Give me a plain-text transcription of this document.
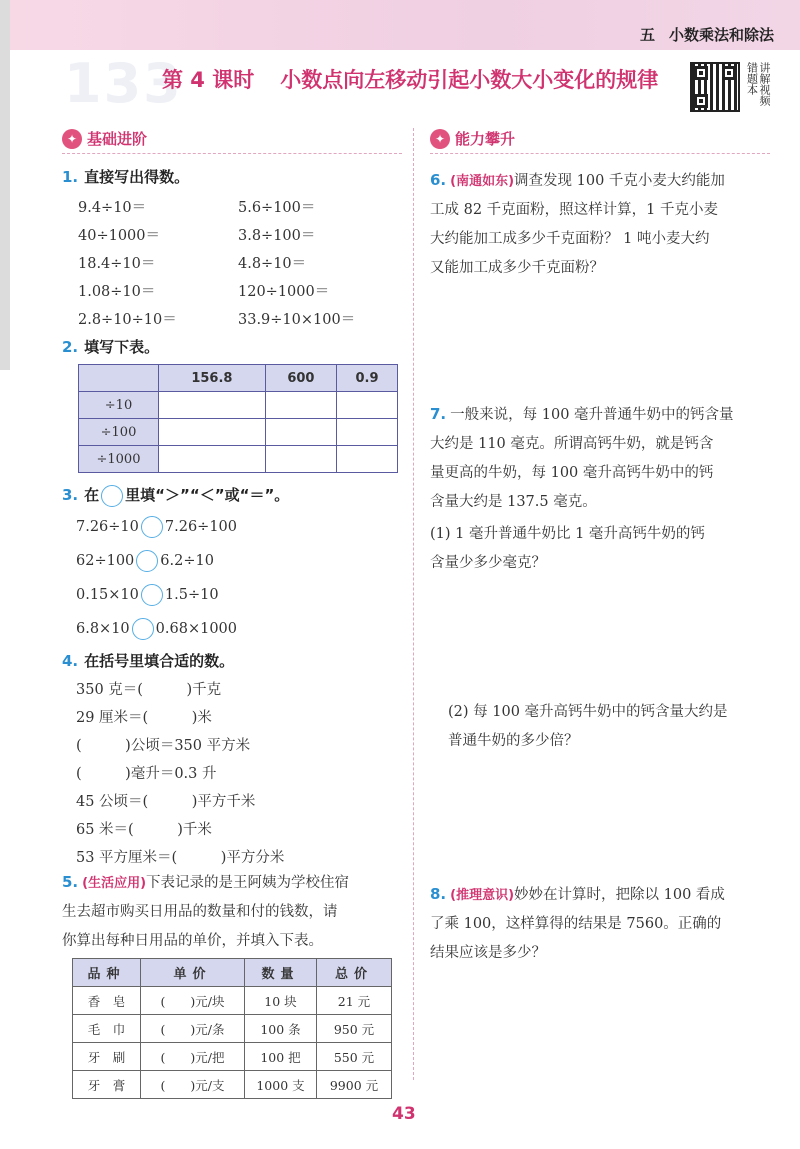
五 小数乘法和除法
133
第 4 课时 小数点向左移动引起小数大小变化的规律
讲解视频错题本
✦ 基础进阶	✦ 能力攀升
1. 直接写出得数。
9.4÷10＝	5.6÷100＝
40÷1000＝	3.8÷100＝
18.4÷10＝	4.8÷10＝
1.08÷10＝	120÷1000＝
2.8÷10÷10＝	33.9÷10×100＝
2. 填写下表。
	156.8	600	0.9
÷10			
÷100			
÷1000			
3. 在 里填“＞”“＜”或“＝”。
7.26÷10 7.26÷100
62÷100 6.2÷10
0.15×10 1.5÷10
6.8×10 0.68×1000
4. 在括号里填合适的数。
350 克＝(　　　)千克
29 厘米＝(　　　)米
(　　　)公顷＝350 平方米
(　　　)毫升＝0.3 升
45 公顷＝(　　　)平方千米
65 米＝(　　　)千米
53 平方厘米＝(　　　)平方分米
5. (生活应用)下表记录的是王阿姨为学校住宿
生去超市购买日用品的数量和付的钱数，请
你算出每种日用品的单价，并填入下表。
品种	单价	数量	总价
香　皂	(　　)元/块	10 块	21 元
毛　巾	(　　)元/条	100 条	950 元
牙　刷	(　　)元/把	100 把	550 元
牙　膏	(　　)元/支	1000 支	9900 元
6. (南通如东)调查发现 100 千克小麦大约能加
工成 82 千克面粉，照这样计算，1 千克小麦
大约能加工成多少千克面粉？ 1 吨小麦大约
又能加工成多少千克面粉？
7. 一般来说，每 100 毫升普通牛奶中的钙含量
大约是 110 毫克。所谓高钙牛奶，就是钙含
量更高的牛奶，每 100 毫升高钙牛奶中的钙
含量大约是 137.5 毫克。
(1) 1 毫升普通牛奶比 1 毫升高钙牛奶的钙
含量少多少毫克？
(2) 每 100 毫升高钙牛奶中的钙含量大约是
普通牛奶的多少倍？
8. (推理意识)妙妙在计算时，把除以 100 看成
了乘 100，这样算得的结果是 7560。正确的
结果应该是多少？
43
